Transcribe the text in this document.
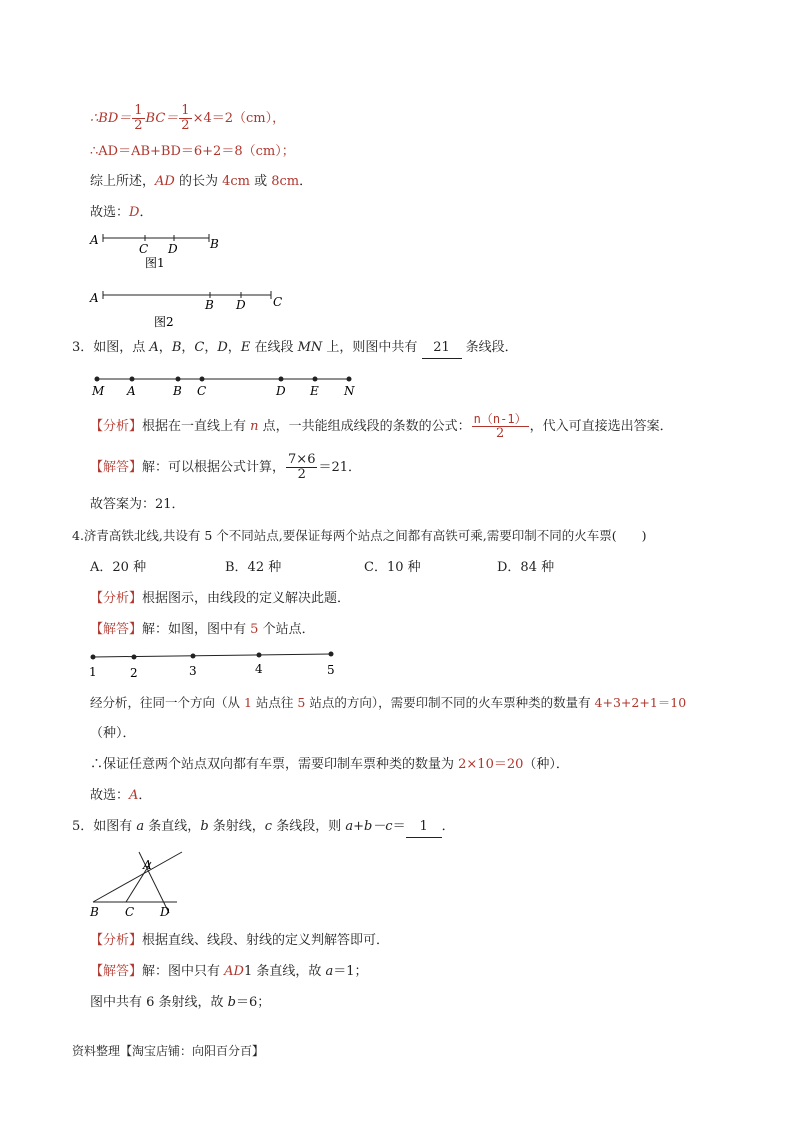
∴BD＝ $\frac{1}{2} BC= \frac{1}{2} \times 4=2(cm)$，
∴AD＝AB+BD＝6+2＝8（cm）；
综上所述，AD 的长为 4cm 或 8cm．
故选：D．
A
C D	B
图1
A	B D C
图2
3．如图，点 A，B，C，D，E 在线段 MN 上，则图中共有 21 条线段．
M A	B C	D E N
【分析】根据在一直线上有 n 点，一共能组成线段的条数的公式： $\frac{n(n-1)}{2}$ ，代入可直接选出答案．
【解答】解：可以根据公式计算， $\frac{7\times 6}{2} =21$．
故答案为：21．
4.济青高铁北线,共设有 5 个不同站点,要保证每两个站点之间都有高铁可乘,需要印制不同的火车票(　　)
A．20 种	B．42 种	C．10 种	D．84 种
【分析】根据图示，由线段的定义解决此题．
【解答】解：如图，图中有 5 个站点．
1	2	3	4	5
经分析，往同一个方向（从 1 站点往 5 站点的方向），需要印制不同的火车票种类的数量有 4+3+2+1＝10
（种）．
∴保证任意两个站点双向都有车票，需要印制车票种类的数量为 2×10＝20（种）．
故选：A．
5．如图有 a 条直线，b 条射线，c 条线段，则 a+b－c＝ 1 ．
A
B C D
【分析】根据直线、线段、射线的定义判解答即可．
【解答】解：图中只有 AD1 条直线，故 a＝1；
图中共有 6 条射线，故 b＝6；
资料整理【淘宝店铺：向阳百分百】
